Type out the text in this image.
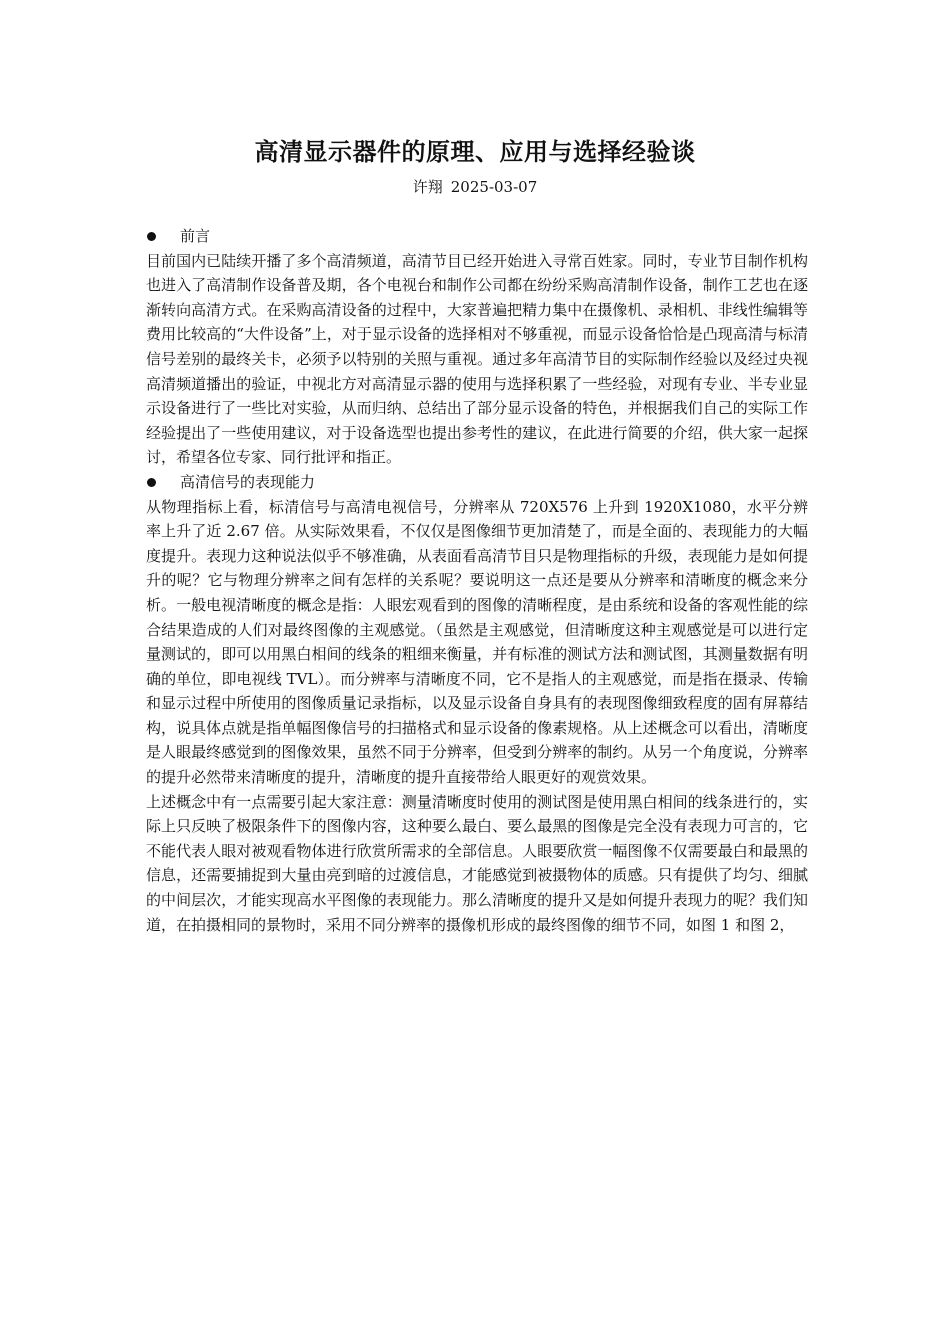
高清显示器件的原理、应用与选择经验谈
许翔 2025-03-07
前言

目前国内已陆续开播了多个高清频道，高清节目已经开始进入寻常百姓家。同时，专业节目制作机构也进入了高清制作设备普及期，各个电视台和制作公司都在纷纷采购高清制作设备，制作工艺也在逐渐转向高清方式。在采购高清设备的过程中，大家普遍把精力集中在摄像机、录相机、非线性编辑等费用比较高的“大件设备”上，对于显示设备的选择相对不够重视，而显示设备恰恰是凸现高清与标清信号差别的最终关卡，必须予以特别的关照与重视。通过多年高清节目的实际制作经验以及经过央视高清频道播出的验证，中视北方对高清显示器的使用与选择积累了一些经验，对现有专业、半专业显示设备进行了一些比对实验，从而归纳、总结出了部分显示设备的特色，并根据我们自己的实际工作经验提出了一些使用建议，对于设备选型也提出参考性的建议，在此进行简要的介绍，供大家一起探讨，希望各位专家、同行批评和指正。

高清信号的表现能力

从物理指标上看，标清信号与高清电视信号，分辨率从 720X576 上升到 1920X1080，水平分辨率上升了近 2.67 倍。从实际效果看，不仅仅是图像细节更加清楚了，而是全面的、表现能力的大幅度提升。表现力这种说法似乎不够准确，从表面看高清节目只是物理指标的升级，表现能力是如何提升的呢？它与物理分辨率之间有怎样的关系呢？要说明这一点还是要从分辨率和清晰度的概念来分析。一般电视清晰度的概念是指：人眼宏观看到的图像的清晰程度，是由系统和设备的客观性能的综合结果造成的人们对最终图像的主观感觉。（虽然是主观感觉，但清晰度这种主观感觉是可以进行定量测试的，即可以用黑白相间的线条的粗细来衡量，并有标准的测试方法和测试图，其测量数据有明确的单位，即电视线 TVL）。而分辨率与清晰度不同，它不是指人的主观感觉，而是指在摄录、传输和显示过程中所使用的图像质量记录指标，以及显示设备自身具有的表现图像细致程度的固有屏幕结构，说具体点就是指单幅图像信号的扫描格式和显示设备的像素规格。从上述概念可以看出，清晰度是人眼最终感觉到的图像效果，虽然不同于分辨率，但受到分辨率的制约。从另一个角度说，分辨率的提升必然带来清晰度的提升，清晰度的提升直接带给人眼更好的观赏效果。

上述概念中有一点需要引起大家注意：测量清晰度时使用的测试图是使用黑白相间的线条进行的，实际上只反映了极限条件下的图像内容，这种要么最白、要么最黑的图像是完全没有表现力可言的，它不能代表人眼对被观看物体进行欣赏所需求的全部信息。人眼要欣赏一幅图像不仅需要最白和最黑的信息，还需要捕捉到大量由亮到暗的过渡信息，才能感觉到被摄物体的质感。只有提供了均匀、细腻的中间层次，才能实现高水平图像的表现能力。那么清晰度的提升又是如何提升表现力的呢？我们知道，在拍摄相同的景物时，采用不同分辨率的摄像机形成的最终图像的细节不同，如图 1 和图 2，
